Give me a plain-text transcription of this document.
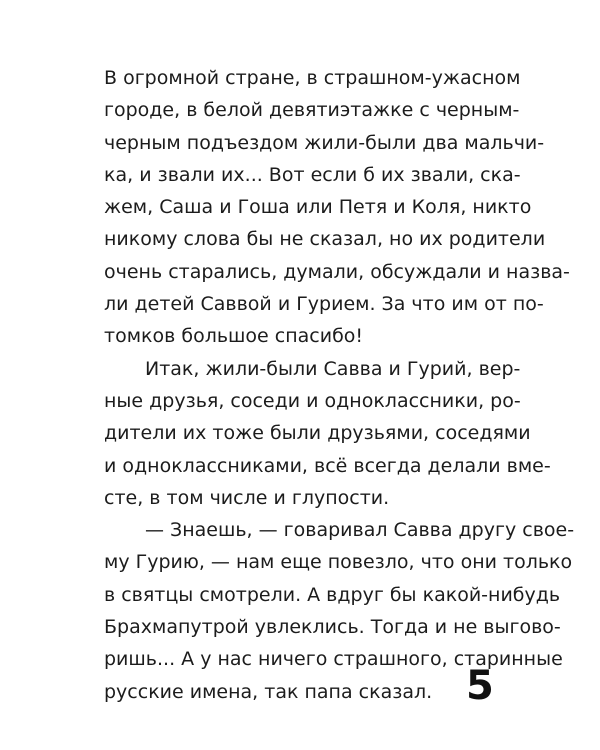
В огромной стране, в страшном-ужасном
городе, в белой девятиэтажке с черным-
черным подъездом жили-были два мальчи-
ка, и звали их... Вот если б их звали, ска-
жем, Саша и Гоша или Петя и Коля, никто
никому слова бы не сказал, но их родители
очень старались, думали, обсуждали и назва-
ли детей Саввой и Гурием. За что им от по-
томков большое спасибо!
Итак, жили-были Савва и Гурий, вер-
ные друзья, соседи и одноклассники, ро-
дители их тоже были друзьями, соседями
и одноклассниками, всё всегда делали вме-
сте, в том числе и глупости.
— Знаешь, — говаривал Савва другу свое-
му Гурию, — нам еще повезло, что они только
в святцы смотрели. А вдруг бы какой-нибудь
Брахмапутрой увлеклись. Тогда и не выгово-
ришь... А у нас ничего страшного, старинные
русские имена, так папа сказал. 5
